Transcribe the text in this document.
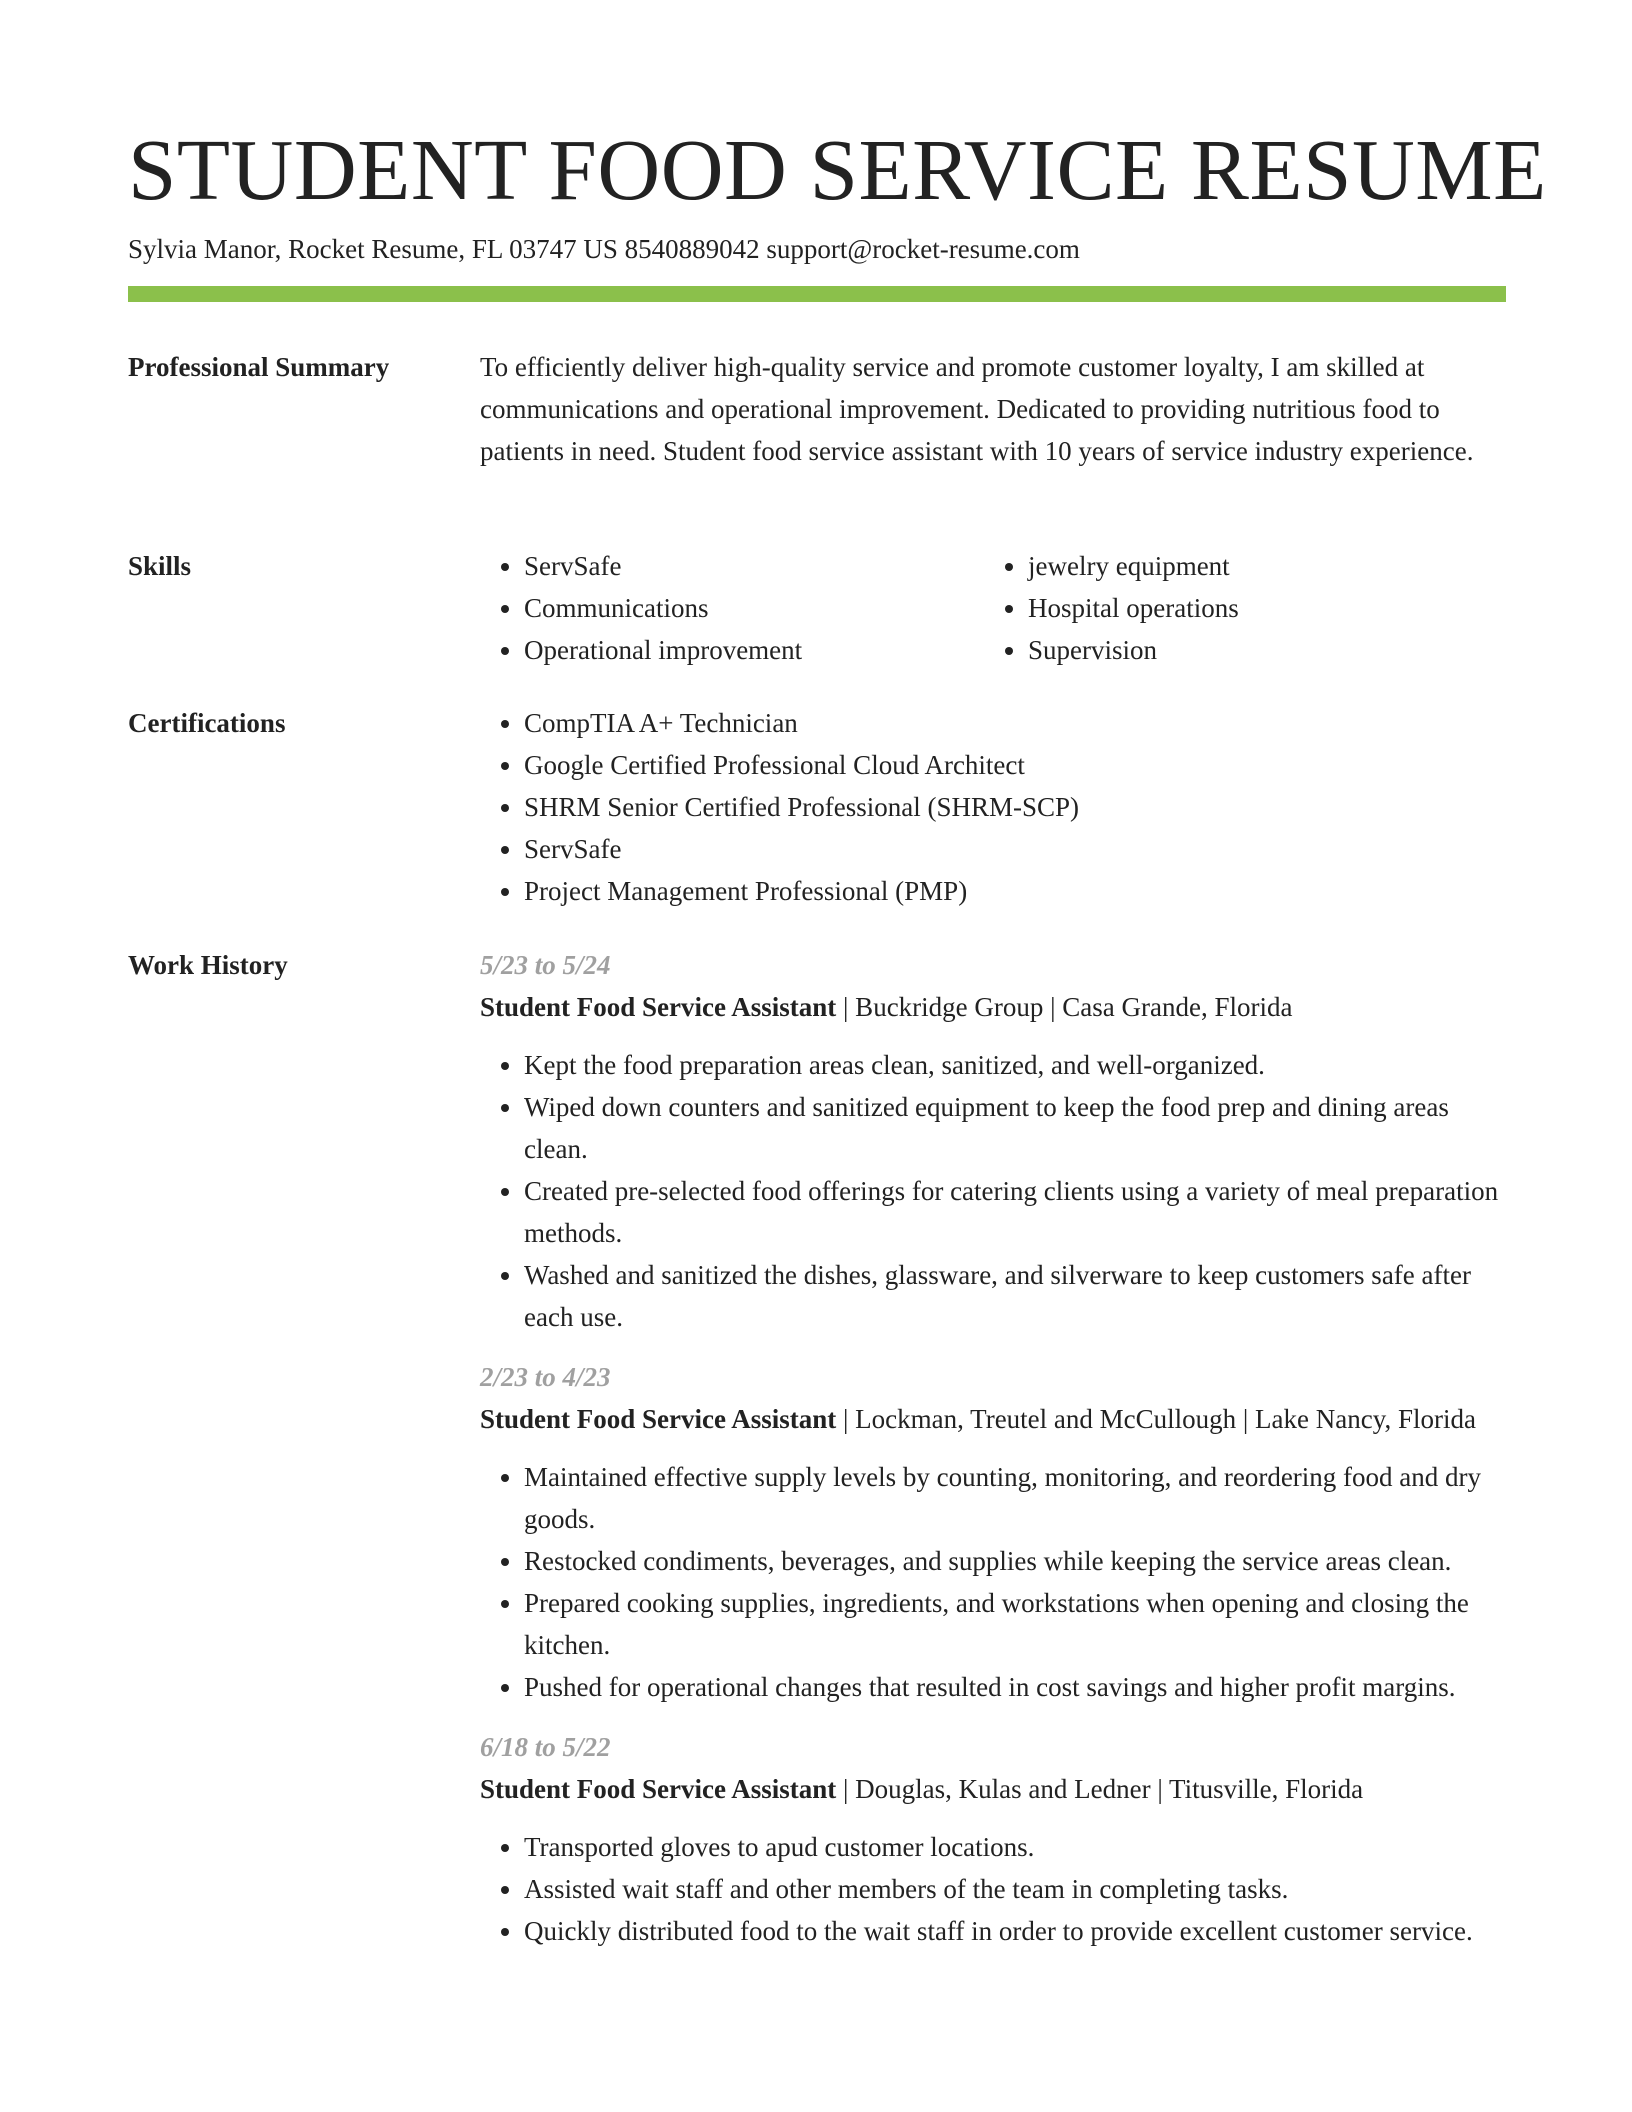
STUDENT FOOD SERVICE RESUME
Sylvia Manor, Rocket Resume, FL 03747 US 8540889042 support@rocket-resume.com
Professional Summary	To efficiently deliver high-quality service and promote customer loyalty, I am skilled at communications and operational improvement. Dedicated to providing nutritious food to patients in need. Student food service assistant with 10 years of service industry experience.

Skills	• ServSafe
• Communications
• Operational improvement
• jewelry equipment
• Hospital operations
• Supervision
Certifications	• CompTIA A+ Technician
• Google Certified Professional Cloud Architect
• SHRM Senior Certified Professional (SHRM-SCP)
• ServSafe
• Project Management Professional (PMP)
Work History	5/23 to 5/24
Student Food Service Assistant | Buckridge Group | Casa Grande, Florida
• Kept the food preparation areas clean, sanitized, and well-organized.
• Wiped down counters and sanitized equipment to keep the food prep and dining areas clean.
• Created pre-selected food offerings for catering clients using a variety of meal preparation methods.
• Washed and sanitized the dishes, glassware, and silverware to keep customers safe after each use.
2/23 to 4/23
Student Food Service Assistant | Lockman, Treutel and McCullough | Lake Nancy, Florida
• Maintained effective supply levels by counting, monitoring, and reordering food and dry goods.
• Restocked condiments, beverages, and supplies while keeping the service areas clean.
• Prepared cooking supplies, ingredients, and workstations when opening and closing the kitchen.
• Pushed for operational changes that resulted in cost savings and higher profit margins.
6/18 to 5/22
Student Food Service Assistant | Douglas, Kulas and Ledner | Titusville, Florida
• Transported gloves to apud customer locations.
• Assisted wait staff and other members of the team in completing tasks.
• Quickly distributed food to the wait staff in order to provide excellent customer service.
